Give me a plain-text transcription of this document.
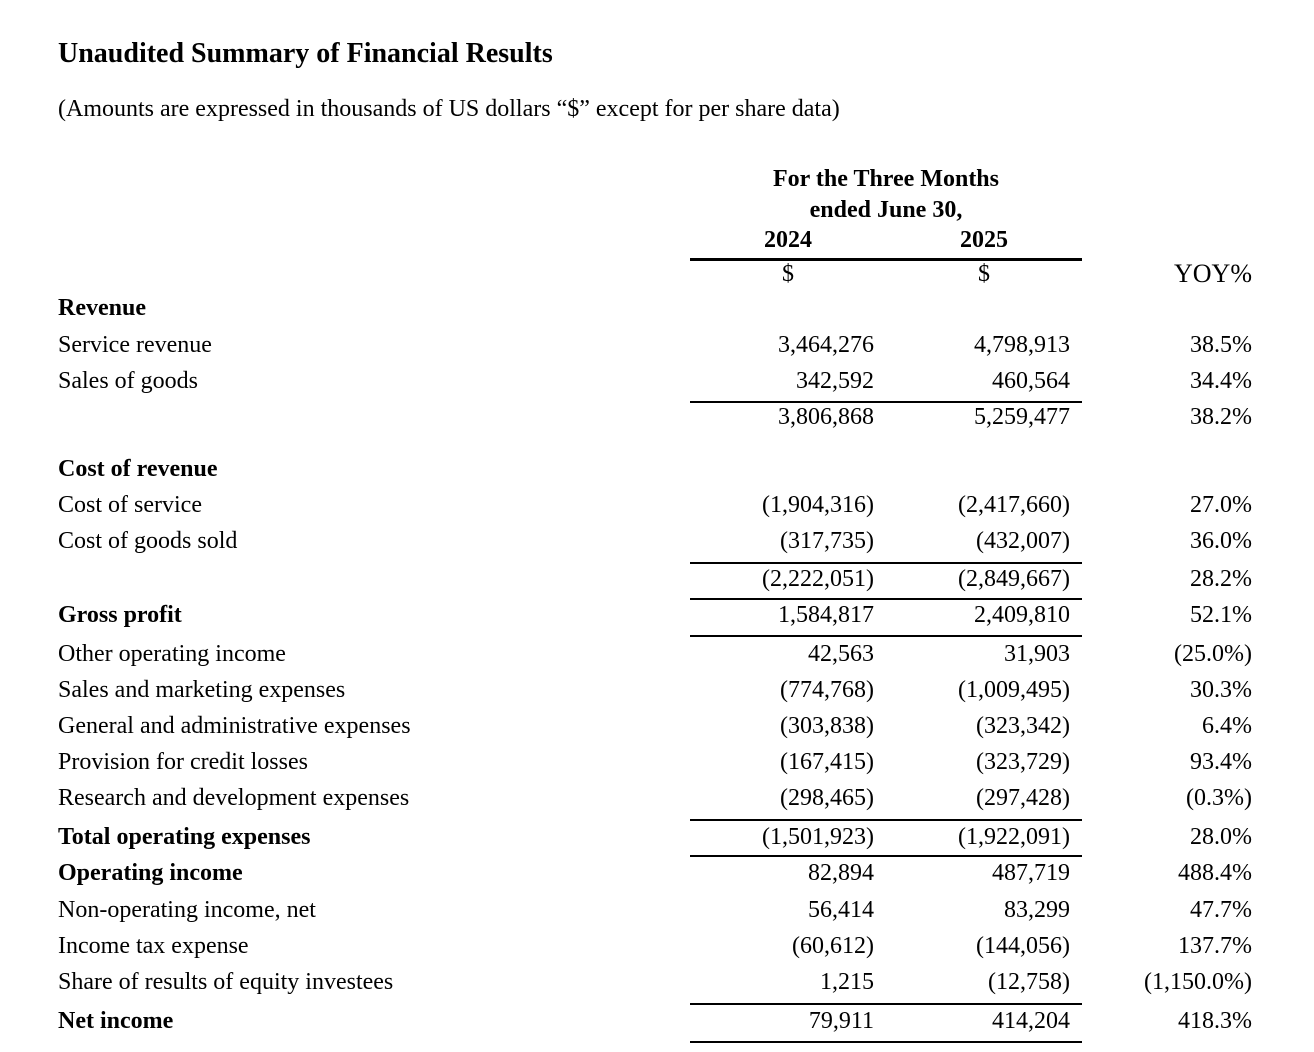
Unaudited Summary of Financial Results
(Amounts are expressed in thousands of US dollars “$” except for per share data)
For the Three Months
ended June 30,
2024	2025
$	$	YOY%
Revenue
Service revenue	3,464,276	4,798,913	38.5%
Sales of goods	342,592	460,564	34.4%
3,806,868	5,259,477	38.2%
Cost of revenue
Cost of service	(1,904,316)	(2,417,660)	27.0%
Cost of goods sold	(317,735)	(432,007)	36.0%
(2,222,051)	(2,849,667)	28.2%
Gross profit	1,584,817	2,409,810	52.1%
Other operating income	42,563	31,903	(25.0%)
Sales and marketing expenses	(774,768)	(1,009,495)	30.3%
General and administrative expenses	(303,838)	(323,342)	6.4%
Provision for credit losses	(167,415)	(323,729)	93.4%
Research and development expenses	(298,465)	(297,428)	(0.3%)
Total operating expenses	(1,501,923)	(1,922,091)	28.0%
Operating income	82,894	487,719	488.4%
Non-operating income, net	56,414	83,299	47.7%
Income tax expense	(60,612)	(144,056)	137.7%
Share of results of equity investees	1,215	(12,758)	(1,150.0%)
Net income	79,911	414,204	418.3%
